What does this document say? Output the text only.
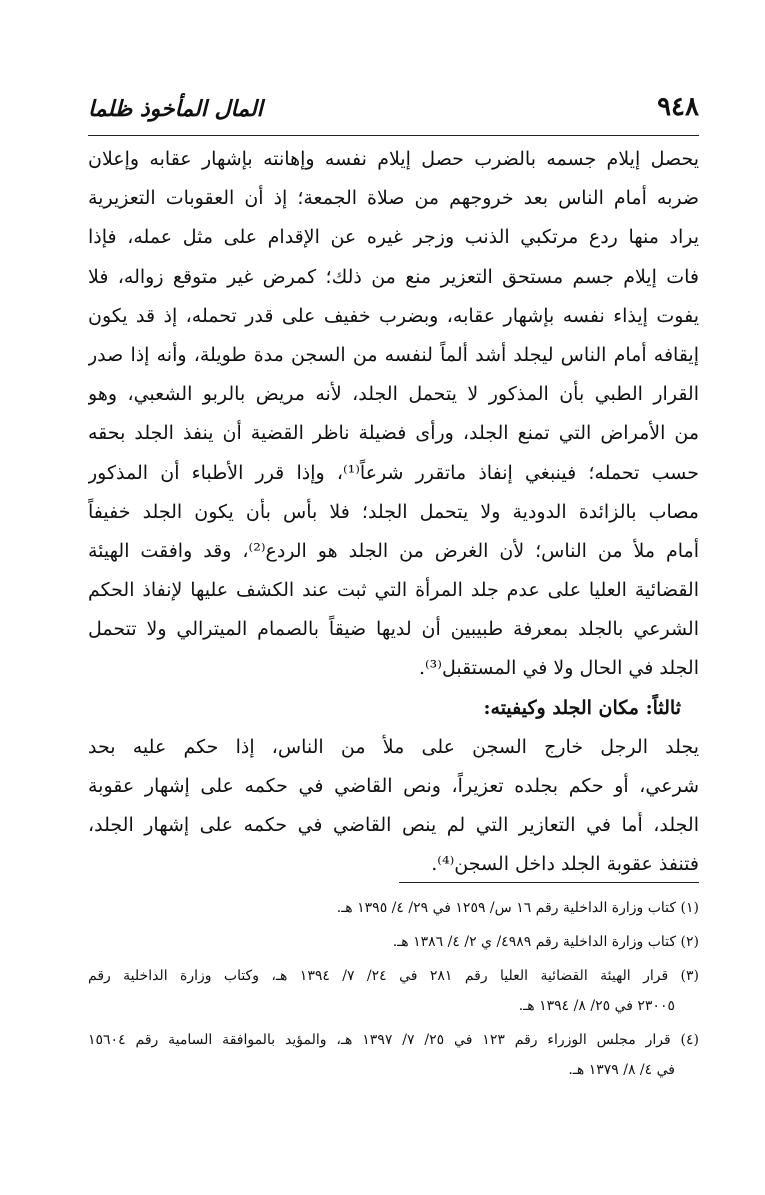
٩٤٨
المال المأخوذ ظلما
يحصل إيلام جسمه بالضرب حصل إيلام نفسه وإهانته بإشهار عقابه وإعلان
ضربه أمام الناس بعد خروجهم من صلاة الجمعة؛ إذ أن العقوبات التعزيرية
يراد منها ردع مرتكبي الذنب وزجر غيره عن الإقدام على مثل عمله، فإذا
فات إيلام جسم مستحق التعزير منع من ذلك؛ كمرض غير متوقع زواله، فلا
يفوت إيذاء نفسه بإشهار عقابه، وبضرب خفيف على قدر تحمله، إذ قد يكون
إيقافه أمام الناس ليجلد أشد ألماً لنفسه من السجن مدة طويلة، وأنه إذا صدر
القرار الطبي بأن المذكور لا يتحمل الجلد، لأنه مريض بالربو الشعبي، وهو
من الأمراض التي تمنع الجلد، ورأى فضيلة ناظر القضية أن ينفذ الجلد بحقه
حسب تحمله؛ فينبغي إنفاذ ماتقرر شرعاً⁽¹⁾، وإذا قرر الأطباء أن المذكور
مصاب بالزائدة الدودية ولا يتحمل الجلد؛ فلا بأس بأن يكون الجلد خفيفاً
أمام ملأ من الناس؛ لأن الغرض من الجلد هو الردع⁽²⁾، وقد وافقت الهيئة
القضائية العليا على عدم جلد المرأة التي ثبت عند الكشف عليها لإنفاذ الحكم
الشرعي بالجلد بمعرفة طبيبين أن لديها ضيقاً بالصمام الميترالي ولا تتحمل
الجلد في الحال ولا في المستقبل⁽³⁾.
ثالثاً: مكان الجلد وكيفيته:
يجلد الرجل خارج السجن على ملأ من الناس، إذا حكم عليه بحد
شرعي، أو حكم بجلده تعزيراً، ونص القاضي في حكمه على إشهار عقوبة
الجلد، أما في التعازير التي لم ينص القاضي في حكمه على إشهار الجلد،
فتنفذ عقوبة الجلد داخل السجن⁽⁴⁾.
(١) كتاب وزارة الداخلية رقم ١٦ س/ ١٢٥٩ في ٢٩/ ٤/ ١٣٩٥ هـ.
(٢) كتاب وزارة الداخلية رقم ٤٩٨٩/ ي ٢/ ٤/ ١٣٨٦ هـ.
(٣) قرار الهيئة القضائية العليا رقم ٢٨١ في ٢٤/ ٧/ ١٣٩٤ هـ، وكتاب وزارة الداخلية رقم
٢٣٠٠٥ في ٢٥/ ٨/ ١٣٩٤ هـ.
(٤) قرار مجلس الوزراء رقم ١٢٣ في ٢٥/ ٧/ ١٣٩٧ هـ، والمؤيد بالموافقة السامية رقم ١٥٦٠٤
في ٤/ ٨/ ١٣٧٩ هـ.
